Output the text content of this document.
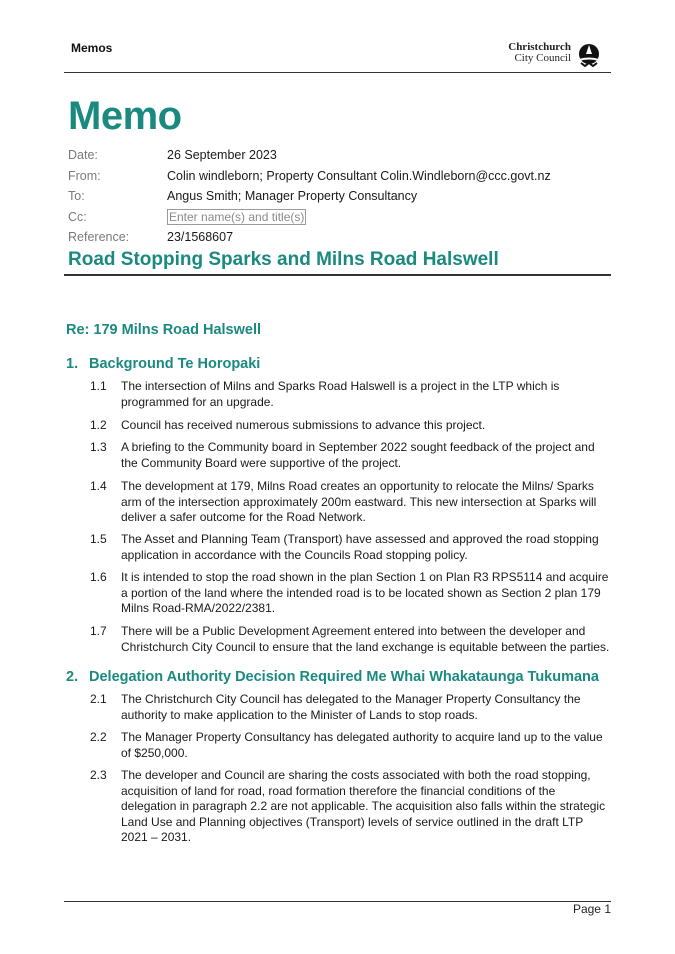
Memos	Christchurch
City Council
Memo
Date:	26 September 2023
From:	Colin windleborn; Property Consultant Colin.Windleborn@ccc.govt.nz
To:	Angus Smith; Manager Property Consultancy
Cc:	Enter name(s) and title(s)
Reference:	23/1568607
Road Stopping Sparks and Milns Road Halswell
Re: 179 Milns Road Halswell
1. Background Te Horopaki
1.1	The intersection of Milns and Sparks Road Halswell is a project in the LTP which is programmed for an upgrade.
1.2	Council has received numerous submissions to advance this project.
1.3	A briefing to the Community board in September 2022 sought feedback of the project and the Community Board were supportive of the project.
1.4	The development at 179, Milns Road creates an opportunity to relocate the Milns/ Sparks arm of the intersection approximately 200m eastward. This new intersection at Sparks will deliver a safer outcome for the Road Network.
1.5	The Asset and Planning Team (Transport) have assessed and approved the road stopping application in accordance with the Councils Road stopping policy.
1.6	It is intended to stop the road shown in the plan Section 1 on Plan R3 RPS5114 and acquire a portion of the land where the intended road is to be located shown as Section 2 plan 179 Milns Road-RMA/2022/2381.
1.7	There will be a Public Development Agreement entered into between the developer and Christchurch City Council to ensure that the land exchange is equitable between the parties.
2. Delegation Authority Decision Required Me Whai Whakataunga Tukumana
2.1	The Christchurch City Council has delegated to the Manager Property Consultancy the authority to make application to the Minister of Lands to stop roads.
2.2	The Manager Property Consultancy has delegated authority to acquire land up to the value of $250,000.
2.3	The developer and Council are sharing the costs associated with both the road stopping, acquisition of land for road, road formation therefore the financial conditions of the delegation in paragraph 2.2 are not applicable. The acquisition also falls within the strategic Land Use and Planning objectives (Transport) levels of service outlined in the draft LTP 2021 – 2031.
Page 1
